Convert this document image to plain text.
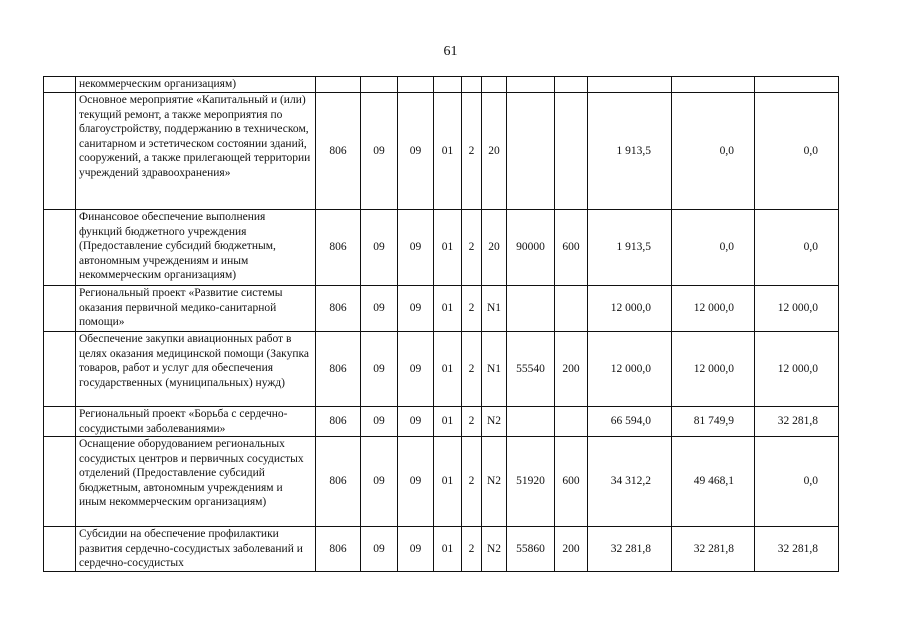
61
	некоммерческим организациям)											
	Основное мероприятие «Капитальный и (или) текущий ремонт, а также мероприятия по благоустройству, поддержанию в техническом, санитарном и эстетическом состоянии зданий, сооружений, а также прилегающей территории учреждений здравоохранения»	806	09	09	01	2	20			1 913,5	0,0	0,0
	Финансовое обеспечение выполнения функций бюджетного учреждения (Предоставление субсидий бюджетным, автономным учреждениям и иным некоммерческим организациям)	806	09	09	01	2	20	90000	600	1 913,5	0,0	0,0
	Региональный проект «Развитие системы оказания первичной медико-санитарной помощи»	806	09	09	01	2	N1			12 000,0	12 000,0	12 000,0
	Обеспечение закупки авиационных работ в целях оказания медицинской помощи (Закупка товаров, работ и услуг для обеспечения государственных (муниципальных) нужд)	806	09	09	01	2	N1	55540	200	12 000,0	12 000,0	12 000,0
	Региональный проект «Борьба с сердечно-сосудистыми заболеваниями»	806	09	09	01	2	N2			66 594,0	81 749,9	32 281,8
	Оснащение оборудованием региональных сосудистых центров и первичных сосудистых отделений (Предоставление субсидий бюджетным, автономным учреждениям и иным некоммерческим организациям)	806	09	09	01	2	N2	51920	600	34 312,2	49 468,1	0,0
	Субсидии на обеспечение профилактики развития сердечно-сосудистых заболеваний и сердечно-сосудистых	806	09	09	01	2	N2	55860	200	32 281,8	32 281,8	32 281,8
